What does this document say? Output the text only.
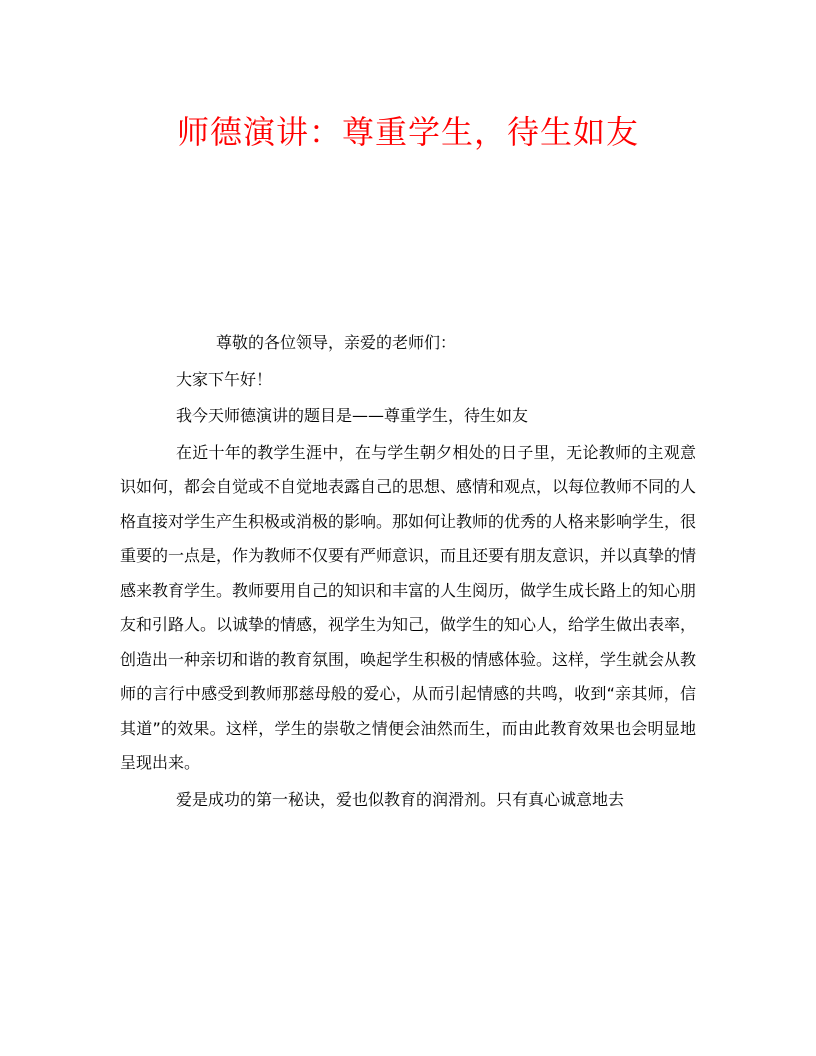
师德演讲：尊重学生，待生如友

尊敬的各位领导，亲爱的老师们：

大家下午好！

我今天师德演讲的题目是——尊重学生，待生如友

在近十年的教学生涯中，在与学生朝夕相处的日子里，无论教师的主观意识如何，都会自觉或不自觉地表露自己的思想、感情和观点，以每位教师不同的人格直接对学生产生积极或消极的影响。那如何让教师的优秀的人格来影响学生，很重要的一点是，作为教师不仅要有严师意识，而且还要有朋友意识，并以真挚的情感来教育学生。教师要用自己的知识和丰富的人生阅历，做学生成长路上的知心朋友和引路人。以诚挚的情感，视学生为知己，做学生的知心人，给学生做出表率，创造出一种亲切和谐的教育氛围，唤起学生积极的情感体验。这样，学生就会从教师的言行中感受到教师那慈母般的爱心，从而引起情感的共鸣，收到“亲其师，信其道”的效果。这样，学生的崇敬之情便会油然而生，而由此教育效果也会明显地呈现出来。

爱是成功的第一秘诀，爱也似教育的润滑剂。只有真心诚意地去
